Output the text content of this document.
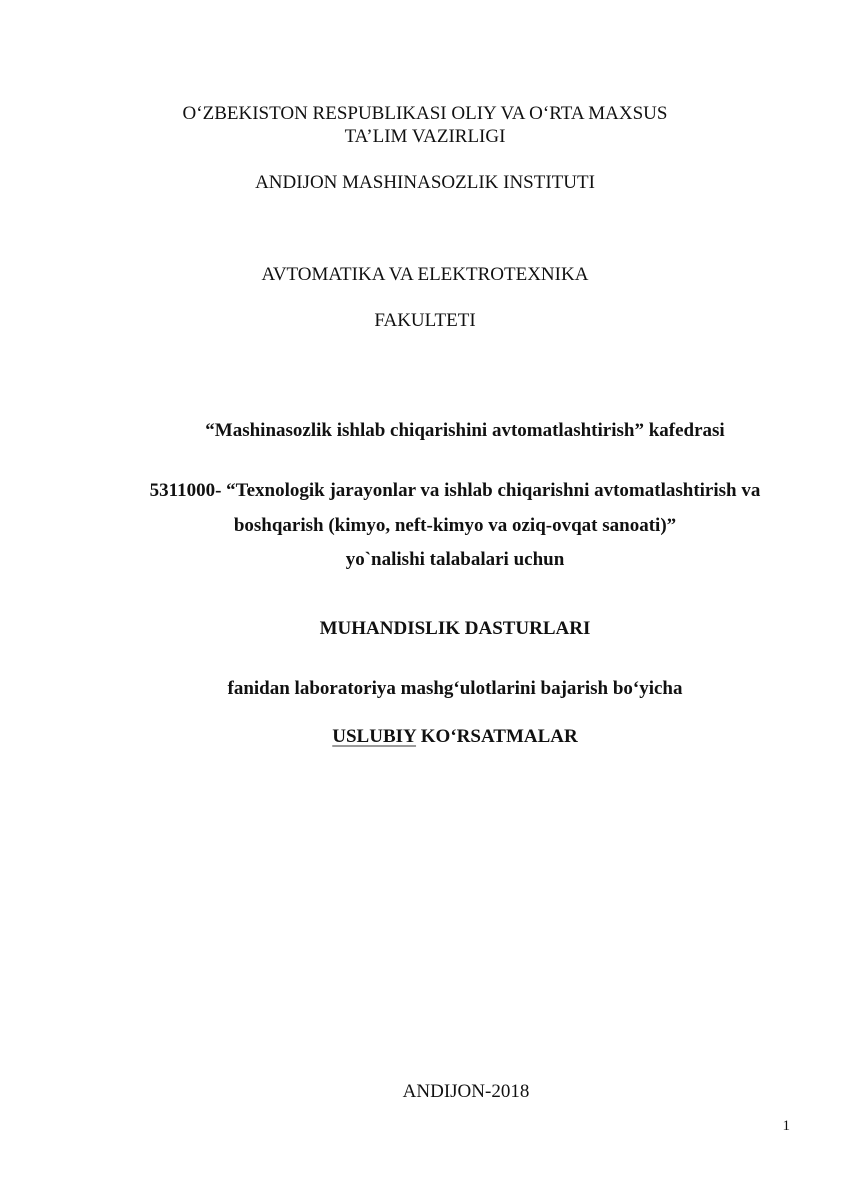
O‘ZBEKISTON RESPUBLIKASI OLIY VA O‘RTA MAXSUS
TA’LIM VAZIRLIGI
ANDIJON MASHINASOZLIK INSTITUTI
AVTOMATIKA VA ELEKTROTEXNIKA
FAKULTETI
“Mashinasozlik ishlab chiqarishini avtomatlashtirish” kafedrasi
5311000- “Texnologik jarayonlar va ishlab chiqarishni avtomatlashtirish va
boshqarish (kimyo, neft-kimyo va oziq-ovqat sanoati)”
yo`nalishi talabalari uchun
MUHANDISLIK DASTURLARI
fanidan laboratoriya mashg‘ulotlarini bajarish bo‘yicha
USLUBIY KO‘RSATMALAR
ANDIJON-2018
1
